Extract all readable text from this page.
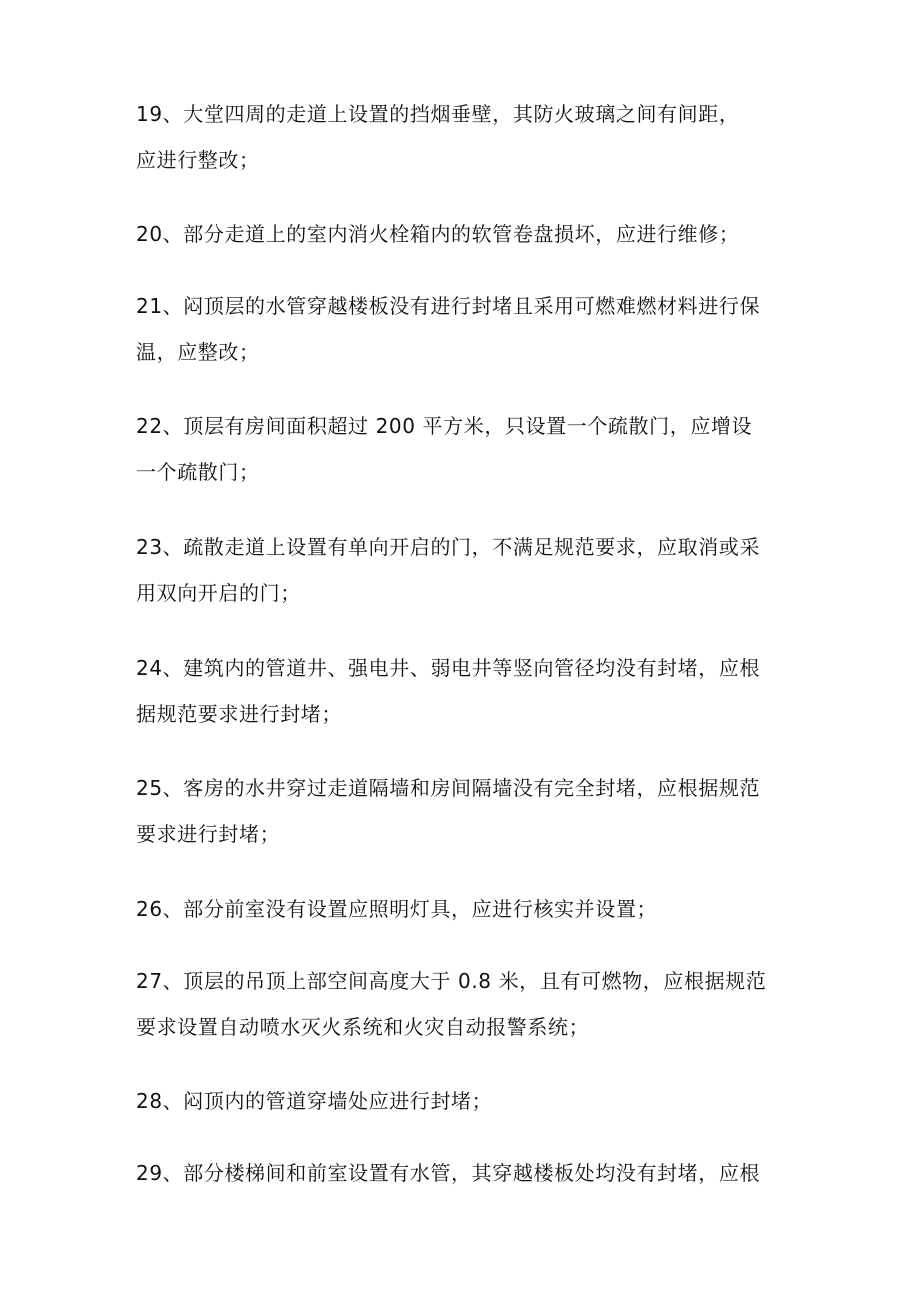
19、大堂四周的走道上设置的挡烟垂壁，其防火玻璃之间有间距，
应进行整改；
20、部分走道上的室内消火栓箱内的软管卷盘损坏，应进行维修；
21、闷顶层的水管穿越楼板没有进行封堵且采用可燃难燃材料进行保
温，应整改；
22、顶层有房间面积超过 200 平方米，只设置一个疏散门，应增设
一个疏散门；
23、疏散走道上设置有单向开启的门，不满足规范要求，应取消或采
用双向开启的门；
24、建筑内的管道井、强电井、弱电井等竖向管径均没有封堵，应根
据规范要求进行封堵；
25、客房的水井穿过走道隔墙和房间隔墙没有完全封堵，应根据规范
要求进行封堵；
26、部分前室没有设置应照明灯具，应进行核实并设置；
27、顶层的吊顶上部空间高度大于 0.8 米，且有可燃物，应根据规范
要求设置自动喷水灭火系统和火灾自动报警系统；
28、闷顶内的管道穿墙处应进行封堵；
29、部分楼梯间和前室设置有水管，其穿越楼板处均没有封堵，应根
